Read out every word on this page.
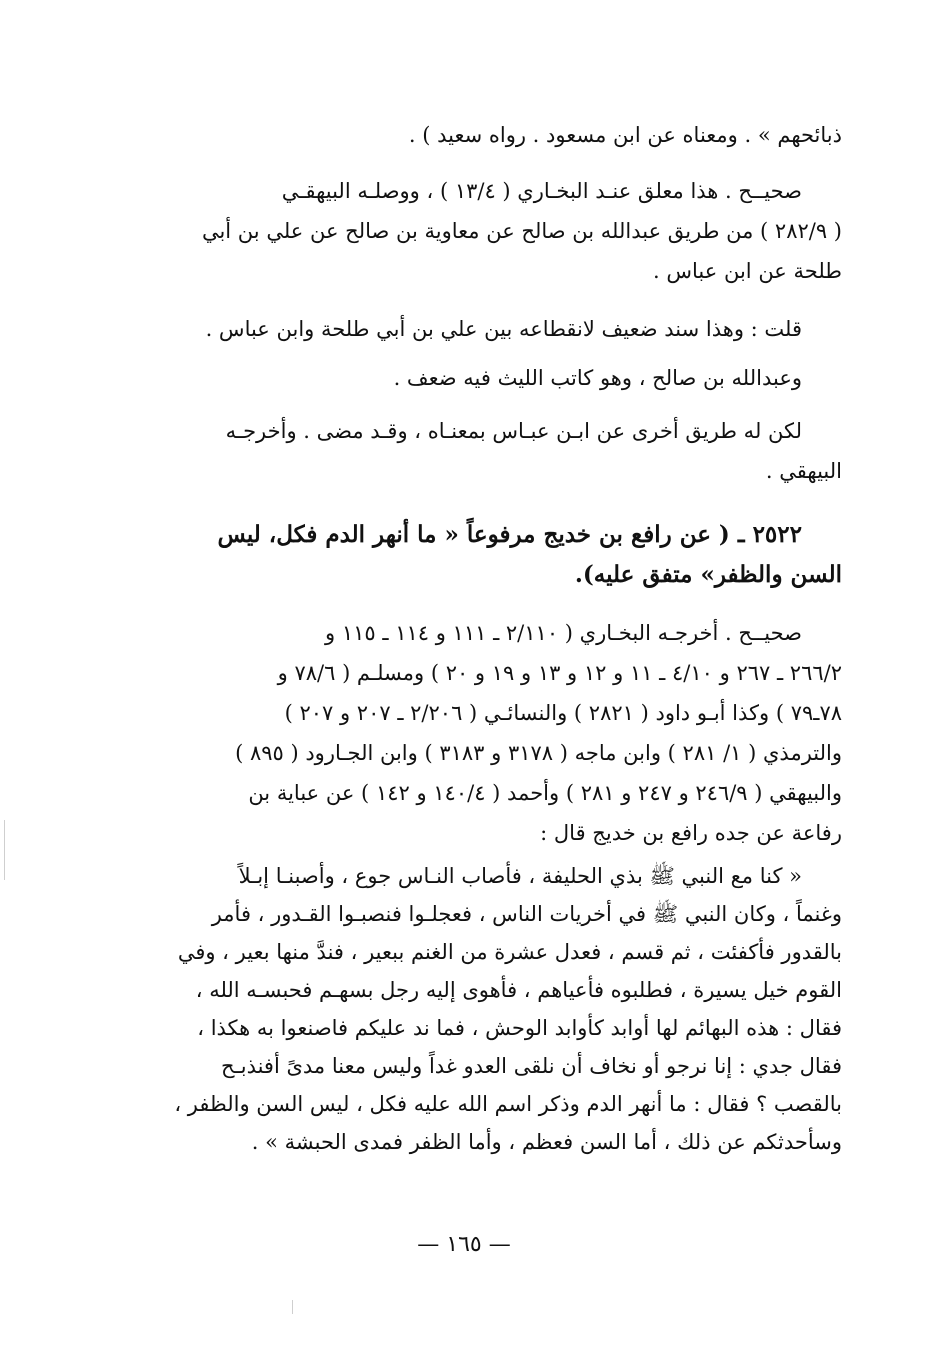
ذبائحهم » . ومعناه عن ابن مسعود . رواه سعيد ) .
صحيــح . هذا معلق عنـد البخـاري ( ١٣/٤ ) ، ووصلـه البيهقـي
( ٢٨٢/٩ ) من طريق عبدالله بن صالح عن معاوية بن صالح عن علي بن أبي
طلحة عن ابن عباس .
قلت : وهذا سند ضعيف لانقطاعه بين علي بن أبي طلحة وابن عباس .
وعبدالله بن صالح ، وهو كاتب الليث فيه ضعف .
لكن له طريق أخرى عن ابـن عبـاس بمعنـاه ، وقـد مضى . وأخرجـه
البيهقي .
٢٥٢٢ ـ ( عن رافع بن خديج مرفوعاً « ما أنهر الدم فكل، ليس
السن والظفر» متفق عليه).
صحيــح . أخرجـه البخـاري ( ٢/١١٠ ـ ١١١ و ١١٤ ـ ١١٥ و
٢٦٦/٢ ـ ٢٦٧ و ٤/١٠ ـ ١١ و ١٢ و ١٣ و ١٩ و ٢٠ ) ومسلـم ( ٧٨/٦ و
٧٨ـ٧٩ ) وكذا أبـو داود ( ٢٨٢١ ) والنسائـي ( ٢/٢٠٦ ـ ٢٠٧ و ٢٠٧ )
والترمذي ( ١/ ٢٨١ ) وابن ماجه ( ٣١٧٨ و ٣١٨٣ ) وابن الجـارود ( ٨٩٥ )
والبيهقي ( ٢٤٦/٩ و ٢٤٧ و ٢٨١ ) وأحمد ( ١٤٠/٤ و ١٤٢ ) عن عباية بن
رفاعة عن جده رافع بن خديج قال :
« كنا مع النبي ﷺ بذي الحليفة ، فأصاب النـاس جوع ، وأصبنـا إبـلاً
وغنماً ، وكان النبي ﷺ في أخريات الناس ، فعجلـوا فنصبـوا القـدور ، فأمر
بالقدور فأكفئت ، ثم قسم ، فعدل عشرة من الغنم ببعير ، فندَّ منها بعير ، وفي
القوم خيل يسيرة ، فطلبوه فأعياهم ، فأهوى إليه رجل بسهـم فحبسـه الله ،
فقال : هذه البهائم لها أوابد كأوابد الوحش ، فما ند عليكم فاصنعوا به هكذا ،
فقال جدي : إنا نرجو أو نخاف أن نلقى العدو غداً وليس معنا مدىً أفنذبـح
بالقصب ؟ فقال : ما أنهر الدم وذكر اسم الله عليه فكل ، ليس السن والظفر ،
وسأحدثكم عن ذلك ، أما السن فعظم ، وأما الظفر فمدى الحبشة » .
— ١٦٥ —
